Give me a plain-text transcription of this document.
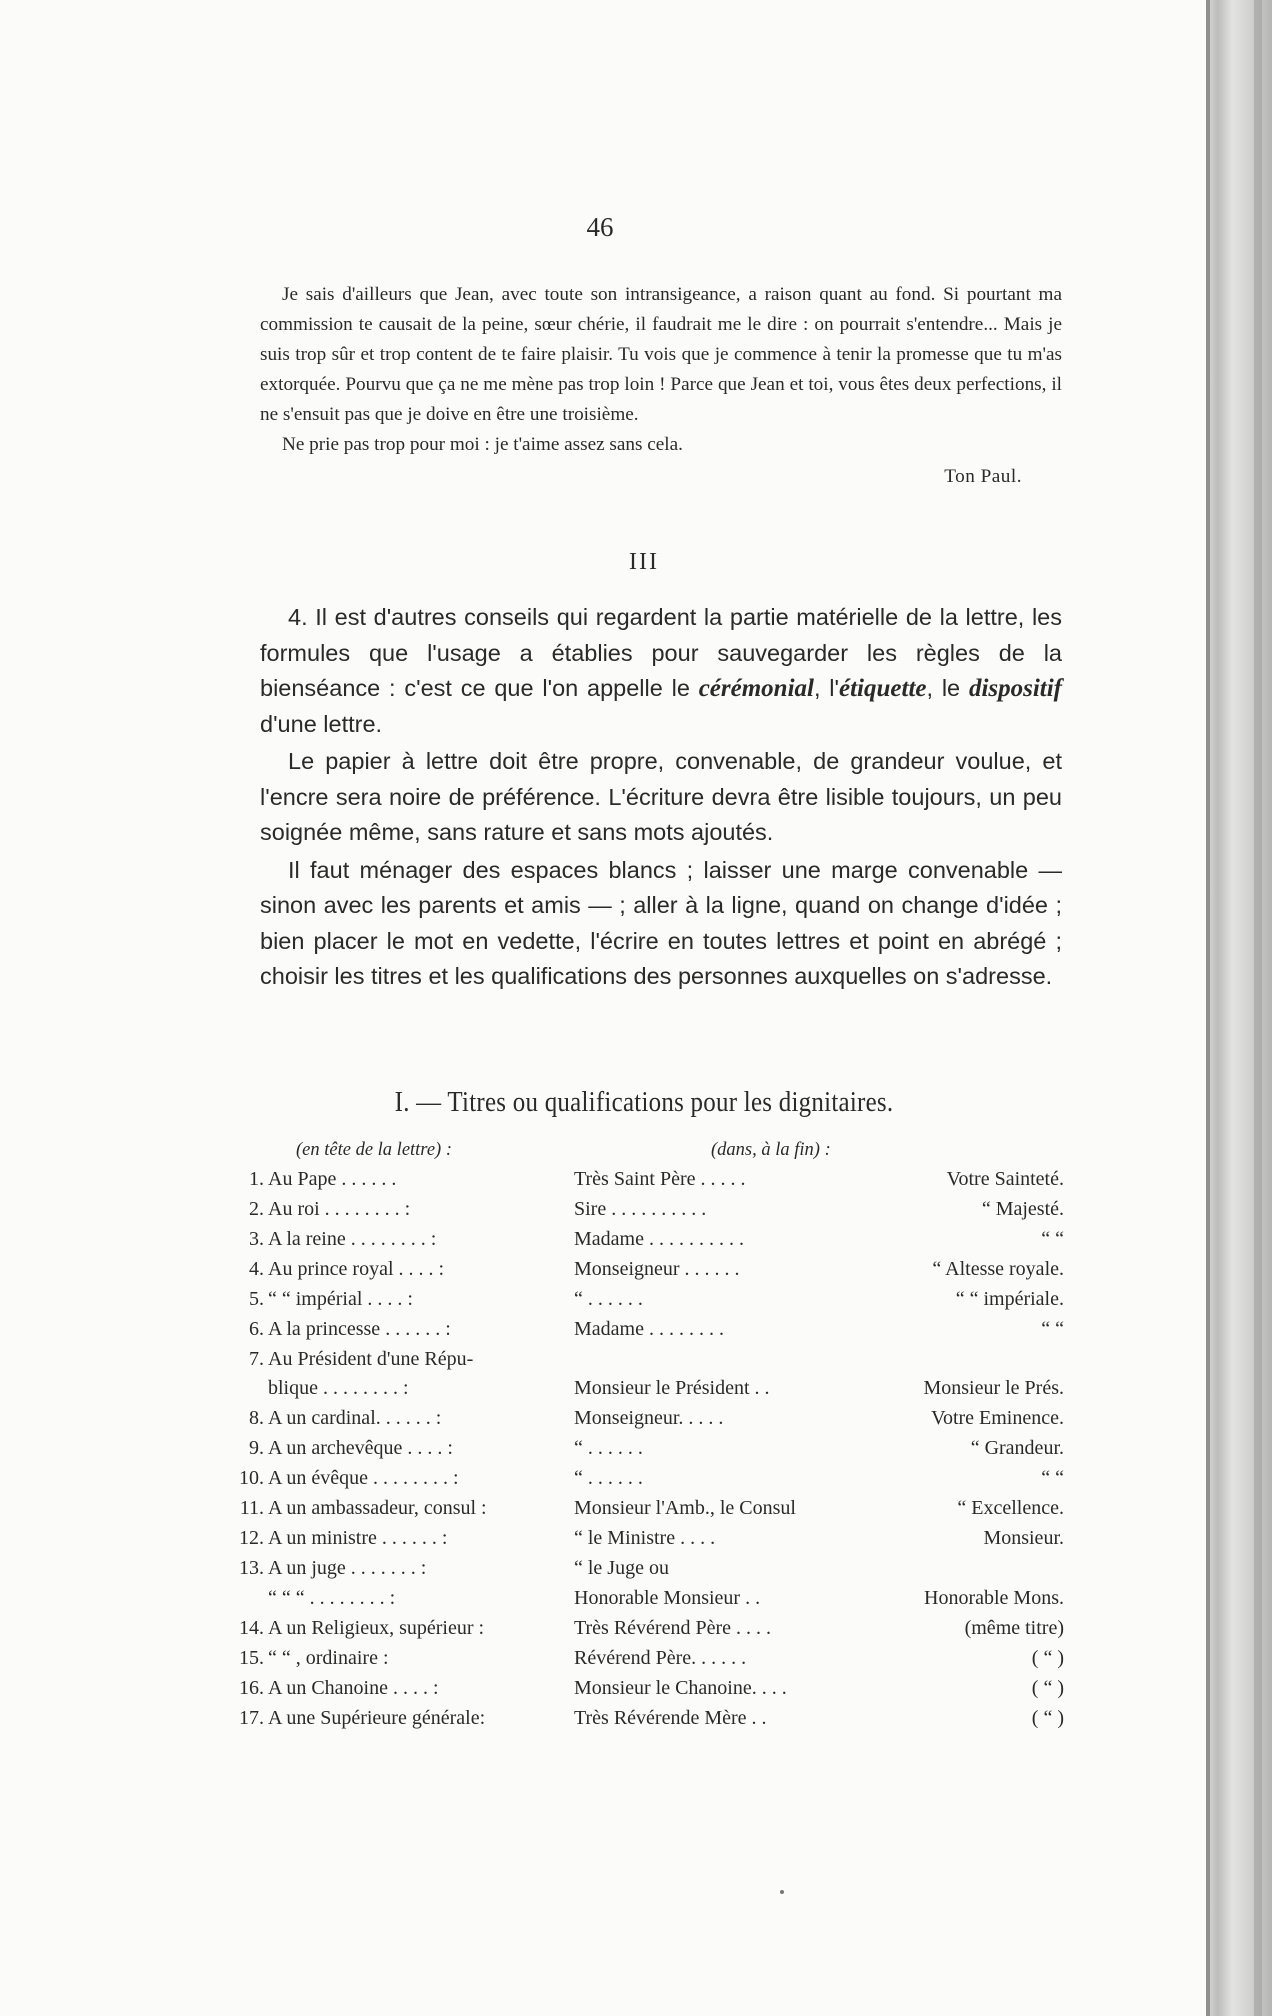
46

Je sais d'ailleurs que Jean, avec toute son intransigeance, a raison quant au fond. Si pourtant ma commission te causait de la peine, sœur chérie, il faudrait me le dire : on pourrait s'entendre... Mais je suis trop sûr et trop content de te faire plaisir. Tu vois que je commence à tenir la promesse que tu m'as extorquée. Pourvu que ça ne me mène pas trop loin ! Parce que Jean et toi, vous êtes deux perfections, il ne s'ensuit pas que je doive en être une troisième.

Ne prie pas trop pour moi : je t'aime assez sans cela.

Ton Paul.
III

4. Il est d'autres conseils qui regardent la partie matérielle de la lettre, les formules que l'usage a établies pour sauvegarder les règles de la bienséance : c'est ce que l'on appelle le cérémonial, l'étiquette, le dispositif d'une lettre.

Le papier à lettre doit être propre, convenable, de grandeur voulue, et l'encre sera noire de préférence. L'écriture devra être lisible toujours, un peu soignée même, sans rature et sans mots ajoutés.

Il faut ménager des espaces blancs ; laisser une marge convenable — sinon avec les parents et amis — ; aller à la ligne, quand on change d'idée ; bien placer le mot en vedette, l'écrire en toutes lettres et point en abrégé ; choisir les titres et les qualifications des personnes auxquelles on s'adresse.

I. — Titres ou qualifications pour les dignitaires.
(en tête de la lettre) :	(dans, à la fin) :
1. Au Pape . . . . . .	Très Saint Père . . . . .	Votre Sainteté.
2. Au roi . . . . . . . . :	Sire . . . . . . . . . .	“ Majesté.
3. A la reine . . . . . . . . :	Madame . . . . . . . . . .	“ “
4. Au prince royal . . . . :	Monseigneur . . . . . .	“ Altesse royale.
5. “ “ impérial . . . . :	“ . . . . . .	“ “ impériale.
6. A la princesse . . . . . . :	Madame . . . . . . . .	“ “
7. Au Président d'une Répu-
blique . . . . . . . . :	Monsieur le Président . .	Monsieur le Prés.
8. A un cardinal. . . . . . :	Monseigneur. . . . .	Votre Eminence.
9. A un archevêque . . . . :	“ . . . . . .	“ Grandeur.
10. A un évêque . . . . . . . . :	“ . . . . . .	“ “
11. A un ambassadeur, consul :	Monsieur l'Amb., le Consul	“ Excellence.
12. A un ministre . . . . . . :	“ le Ministre . . . .	Monsieur.
13. A un juge . . . . . . . :	“ le Juge ou
“ “ “ . . . . . . . . :	Honorable Monsieur . .	Honorable Mons.
14. A un Religieux, supérieur :	Très Révérend Père . . . .	(même titre)
15. “ “ , ordinaire :	Révérend Père. . . . . .	( “ )
16. A un Chanoine . . . . :	Monsieur le Chanoine. . . .	( “ )
17. A une Supérieure générale:	Très Révérende Mère . .	( “ )
